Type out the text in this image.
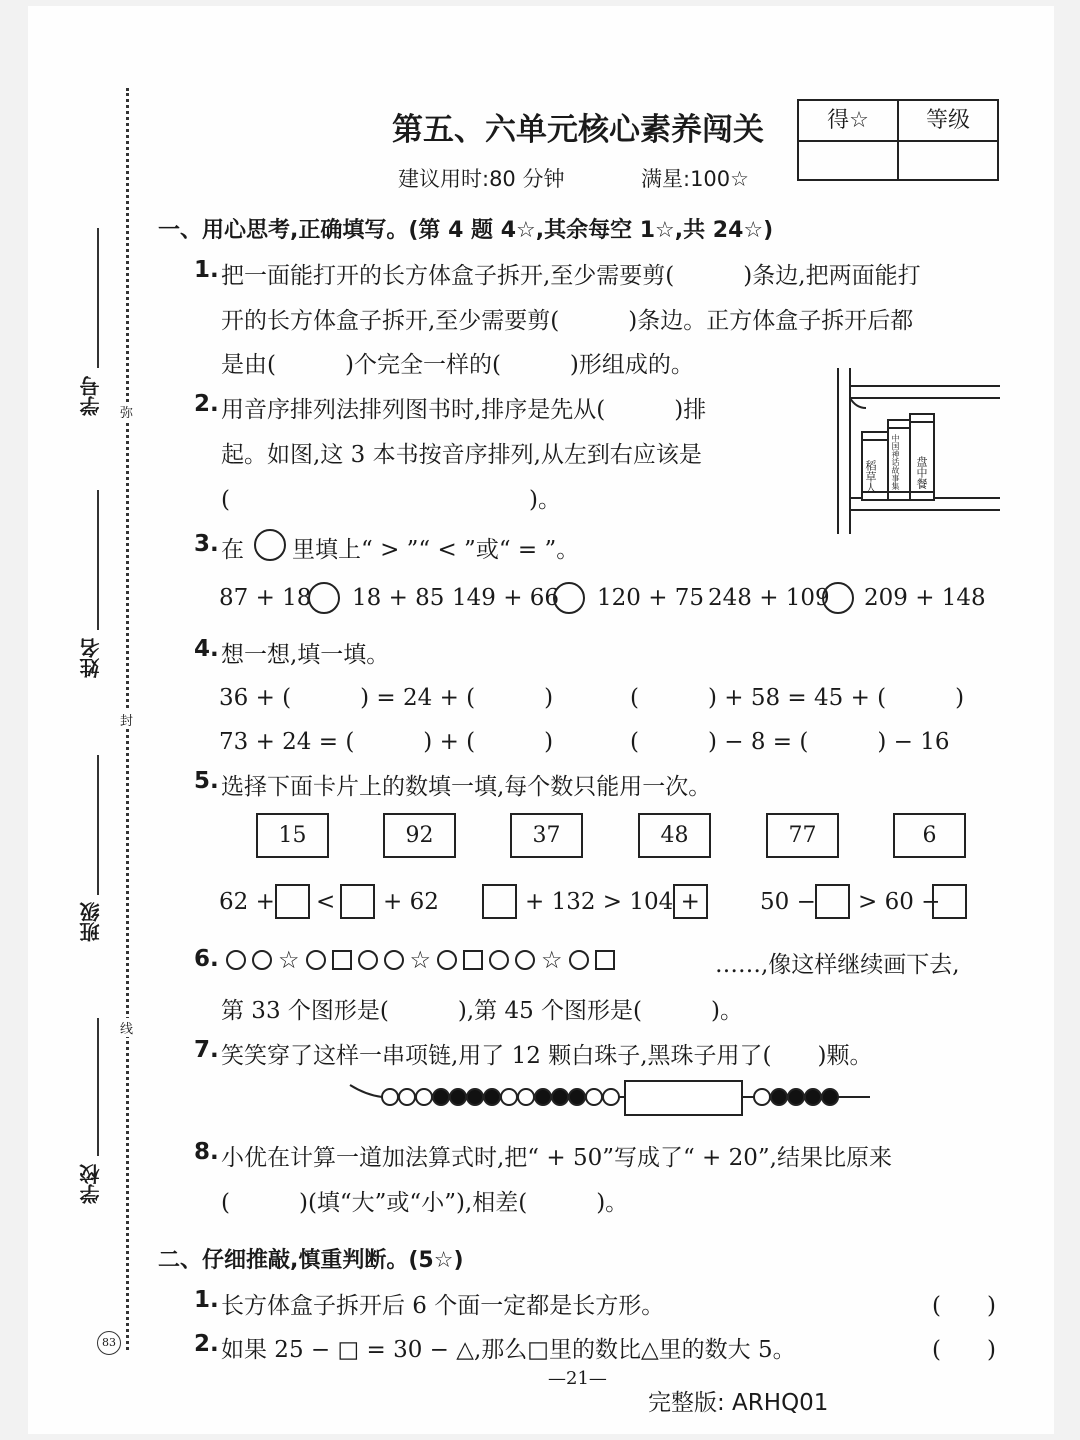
弥
封
线
学号
姓名
班级
学校
83
第五、六单元核心素养闯关
建议用时:80 分钟	满星:100☆
得☆	等级
一、用心思考,正确填写。(第 4 题 4☆,其余每空 1☆,共 24☆)
1. 把一面能打开的长方体盒子拆开,至少需要剪(　　　)条边,把两面能打
开的长方体盒子拆开,至少需要剪(　　　)条边。正方体盒子拆开后都
是由(　　　)个完全一样的(　　　)形组成的。
2. 用音序排列法排列图书时,排序是先从(　　　)排
起。如图,这 3 本书按音序排列,从左到右应该是
(　　　　　　　　　　　　　)。
稻草人 中国神话故事集 盘中餐
3. 在 里填上“ > ”“ < ”或“ = ”。
87 + 18 18 + 85 149 + 66 120 + 75 248 + 109 209 + 148
4. 想一想,填一填。
36 + (　　　) = 24 + (　　　)	(　　　) + 58 = 45 + (　　　)
73 + 24 = (　　　) + (　　　)	(　　　) − 8 = (　　　) − 16
5. 选择下面卡片上的数填一填,每个数只能用一次。
15	92	37	48	77	6
62 + < + 62	+ 132 > 104 +	50 − > 60 −
6. ☆	☆	☆	……,像这样继续画下去,
第 33 个图形是(　　　),第 45 个图形是(　　　)。
7. 笑笑穿了这样一串项链,用了 12 颗白珠子,黑珠子用了(　　)颗。
8. 小优在计算一道加法算式时,把“ + 50”写成了“ + 20”,结果比原来
(　　　)(填“大”或“小”),相差(　　　)。
二、仔细推敲,慎重判断。(5☆)
1. 长方体盒子拆开后 6 个面一定都是长方形。	(　　)
2. 如果 25 − □ = 30 − △,那么□里的数比△里的数大 5。	(　　)
—21—
完整版: ARHQ01
